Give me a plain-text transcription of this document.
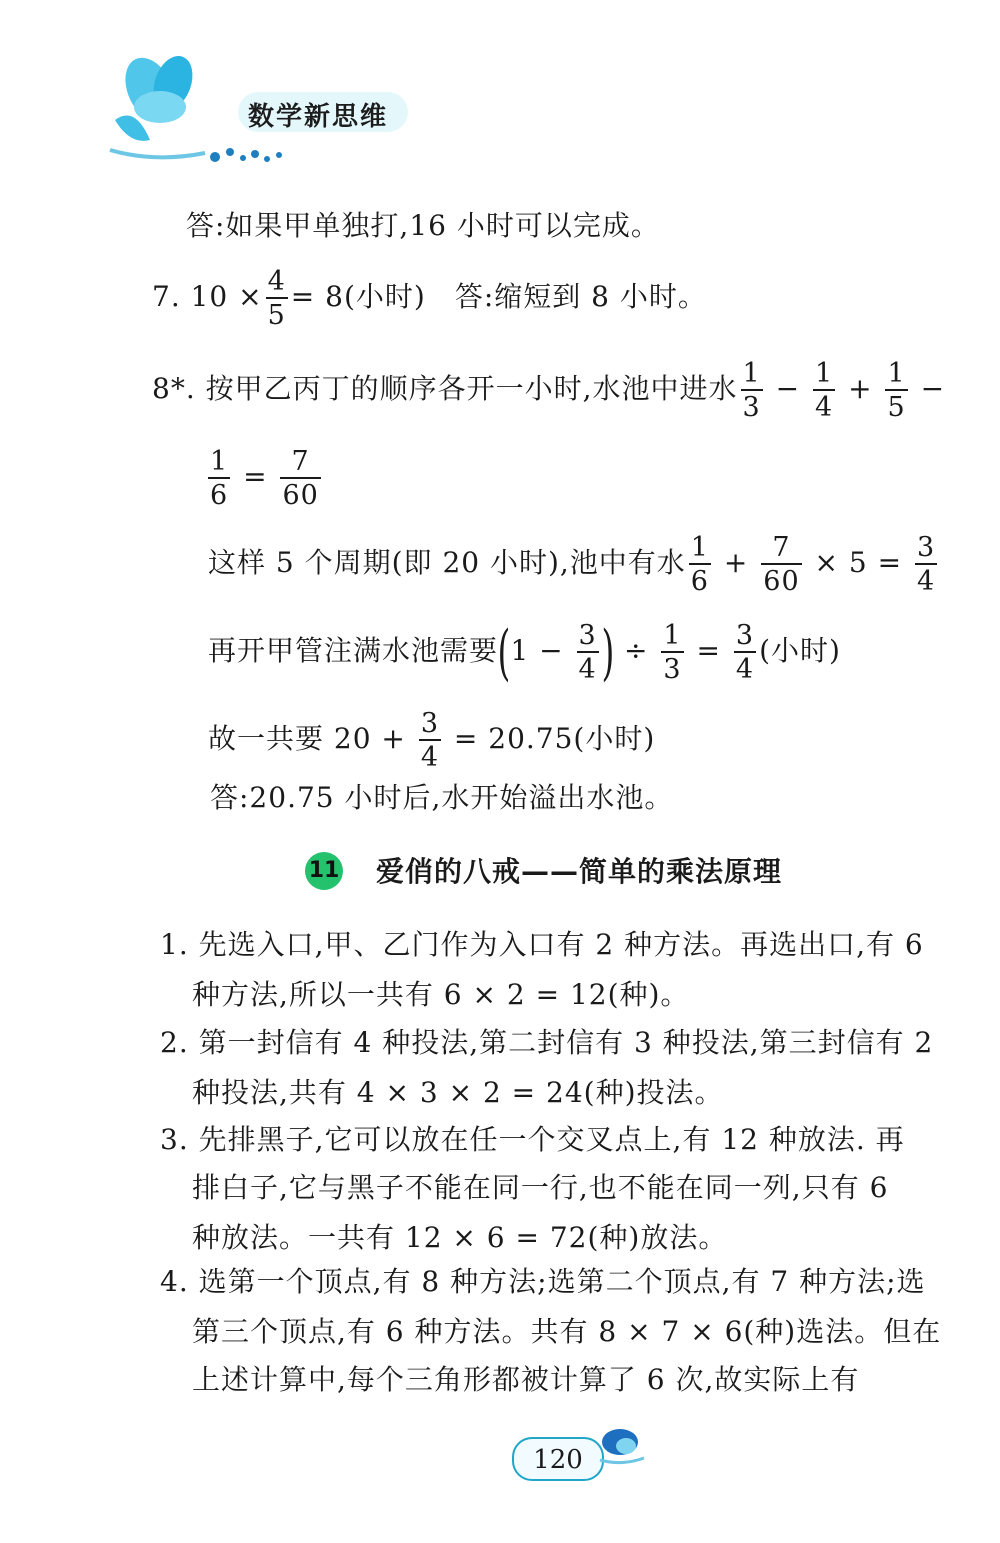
数学新思维
答:如果甲单独打,16 小时可以完成。
7. $10 \times \frac{4}{5} = 8$(小时)　答:缩短到 8 小时。
8*. 按甲乙丙丁的顺序各开一小时,水池中进水 $\frac{1}{3} - \frac{1}{4} + \frac{1}{5}$ −
$\frac{1}{6} = \frac{7}{60}$
这样 5 个周期(即 20 小时),池中有水 $\frac{1}{6} + \frac{7}{60} \times 5 = \frac{3}{4}$
再开甲管注满水池需要($1 - \frac{3}{4}$ ) ÷ $\frac{1}{3} = \frac{3}{4}$ (小时)
故一共要 $20 + \frac{3}{4} = 20.75$(小时)
答:20.75 小时后,水开始溢出水池。
11 爱俏的八戒——简单的乘法原理
1. 先选入口,甲、乙门作为入口有 2 种方法。再选出口,有 6
种方法,所以一共有 6 × 2 = 12(种)。
2. 第一封信有 4 种投法,第二封信有 3 种投法,第三封信有 2
种投法,共有 4 × 3 × 2 = 24(种)投法。
3. 先排黑子,它可以放在任一个交叉点上,有 12 种放法. 再
排白子,它与黑子不能在同一行,也不能在同一列,只有 6
种放法。一共有 12 × 6 = 72(种)放法。
4. 选第一个顶点,有 8 种方法;选第二个顶点,有 7 种方法;选
第三个顶点,有 6 种方法。共有 8 × 7 × 6(种)选法。但在
上述计算中,每个三角形都被计算了 6 次,故实际上有
120
